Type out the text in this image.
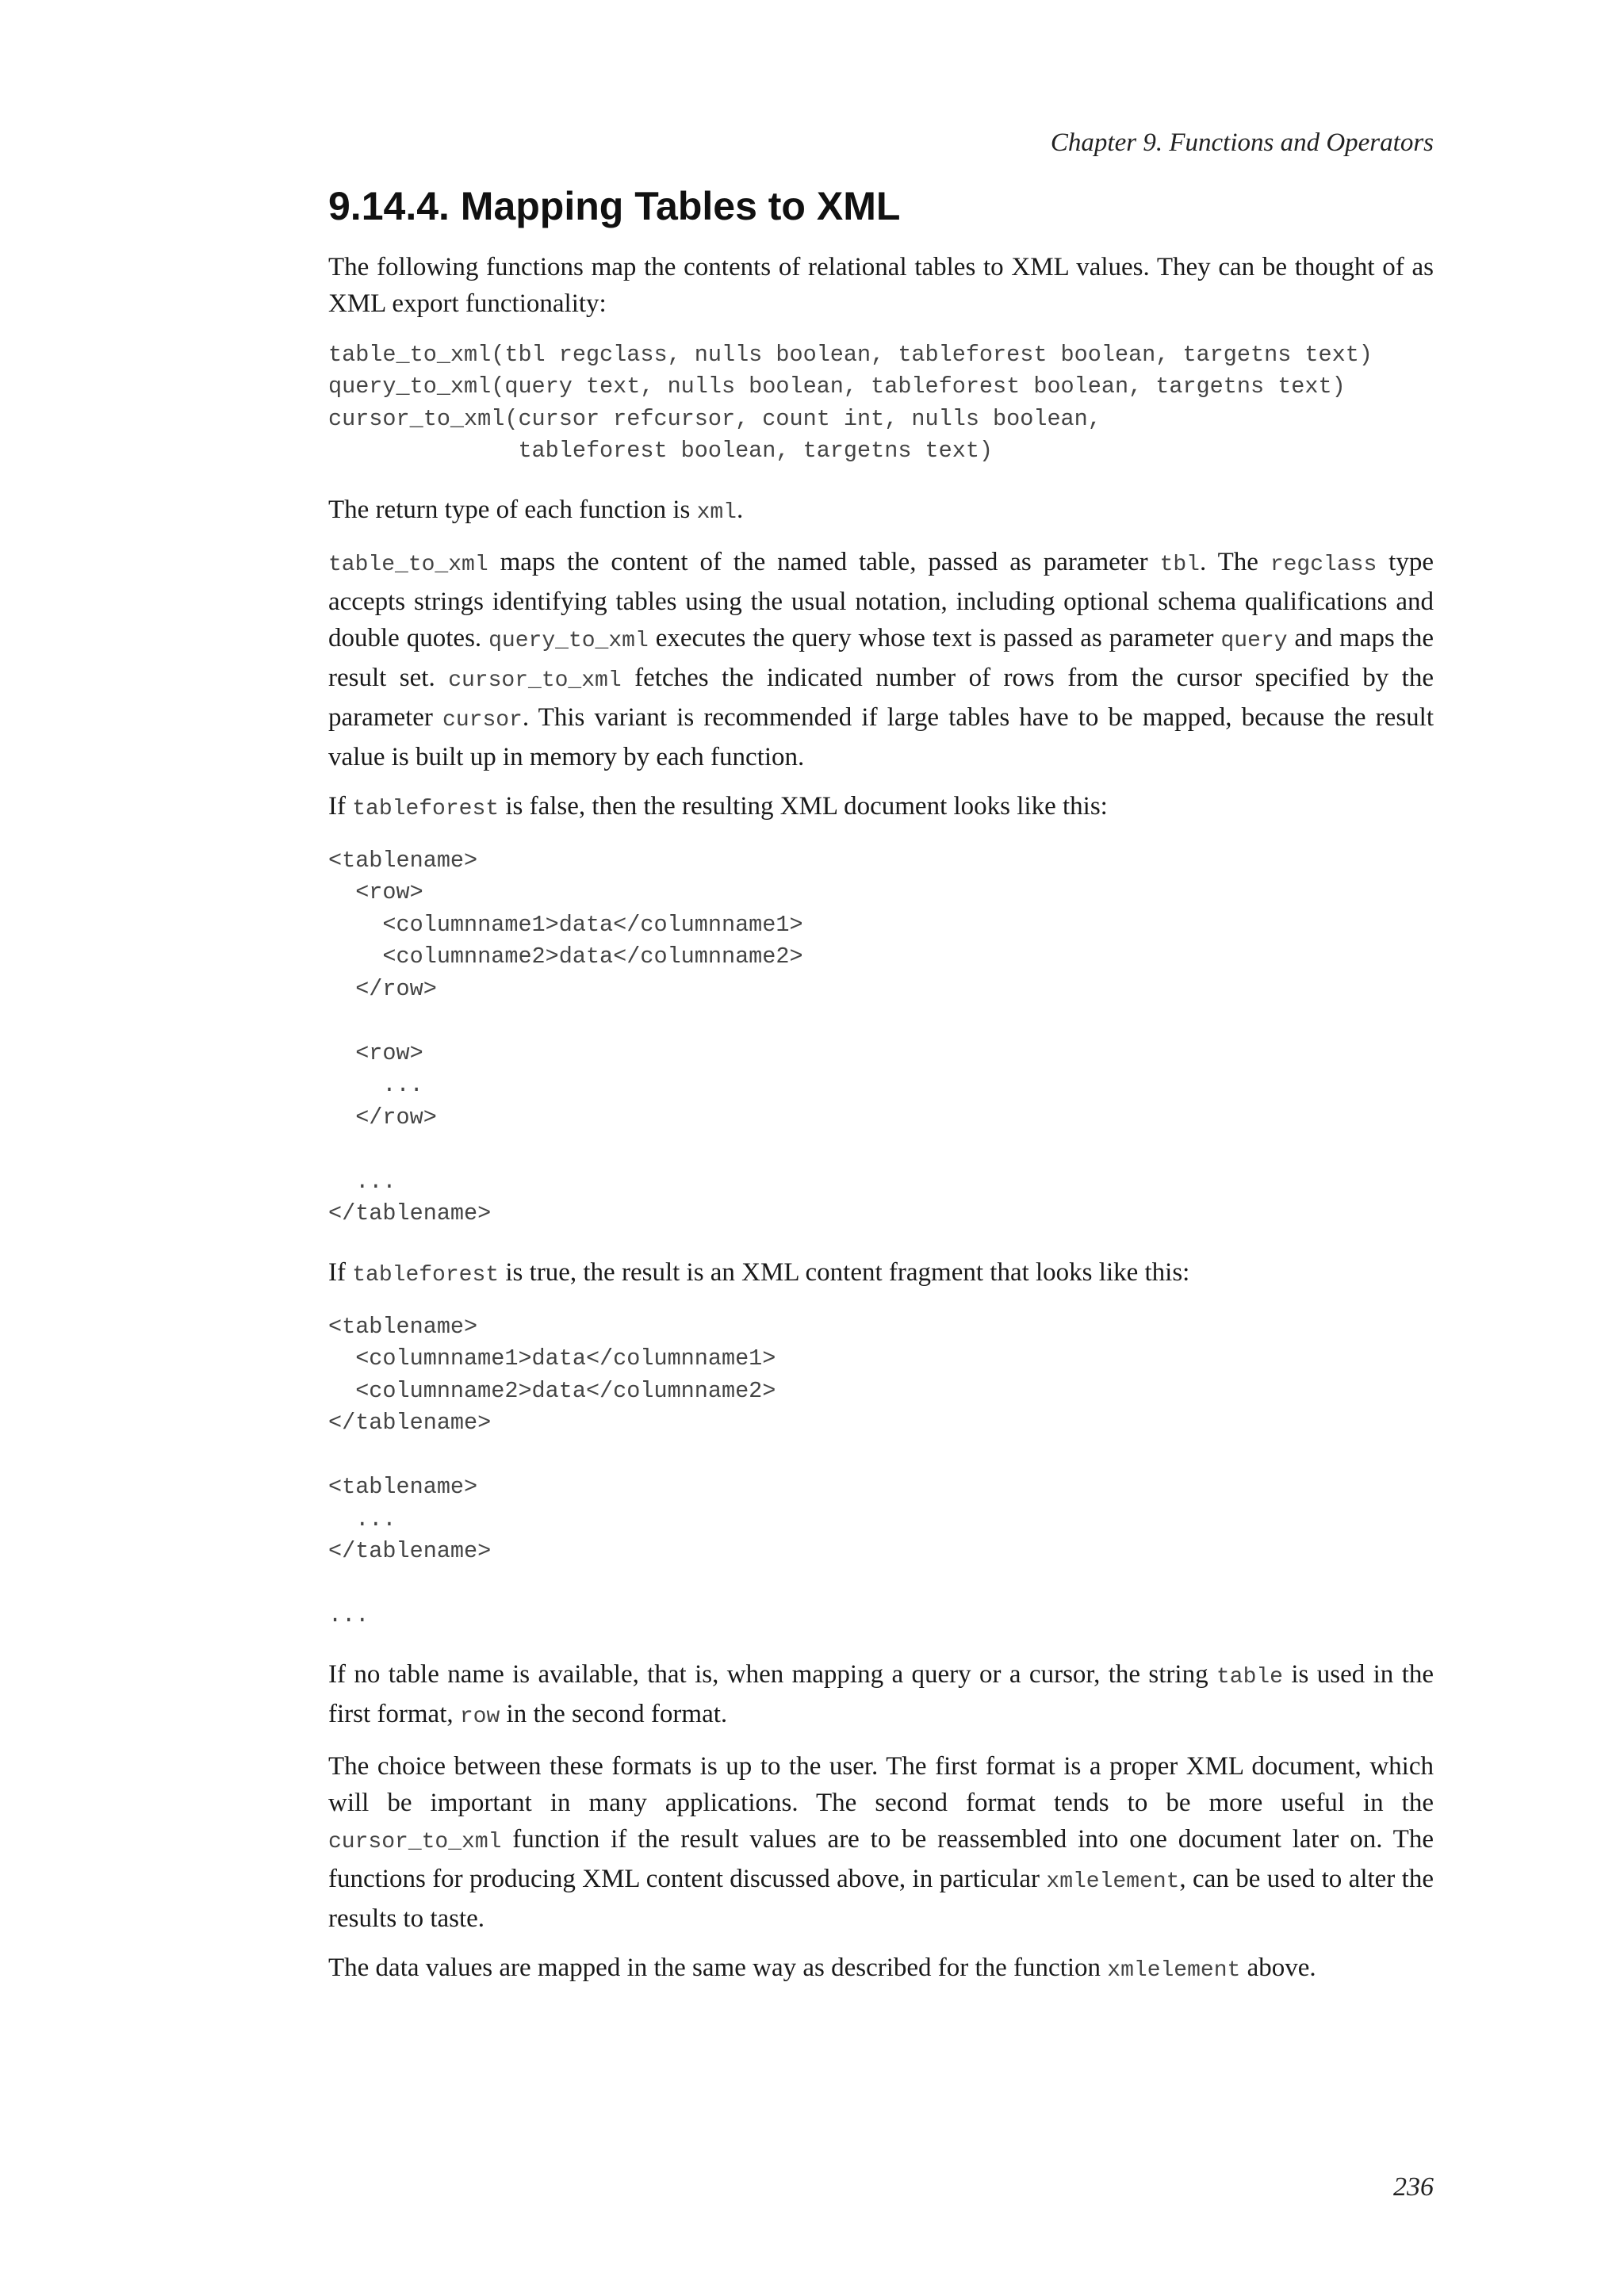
Chapter 9. Functions and Operators
9.14.4. Mapping Tables to XML

The following functions map the contents of relational tables to XML values. They can be thought of as XML export functionality:

table_to_xml(tbl regclass, nulls boolean, tableforest boolean, targetns text)
query_to_xml(query text, nulls boolean, tableforest boolean, targetns text)
cursor_to_xml(cursor refcursor, count int, nulls boolean,
tableforest boolean, targetns text)

The return type of each function is xml.

table_to_xml maps the content of the named table, passed as parameter tbl. The regclass type accepts strings identifying tables using the usual notation, including optional schema qualifications and double quotes. query_to_xml executes the query whose text is passed as parameter query and maps the result set. cursor_to_xml fetches the indicated number of rows from the cursor specified by the parameter cursor. This variant is recommended if large tables have to be mapped, because the result value is built up in memory by each function.

If tableforest is false, then the resulting XML document looks like this:

<tablename>
<row>
<columnname1>data</columnname1>
<columnname2>data</columnname2>
</row>

<row>
...
</row>

...
</tablename>

If tableforest is true, the result is an XML content fragment that looks like this:

<tablename>
<columnname1>data</columnname1>
<columnname2>data</columnname2>
</tablename>

<tablename>
...
</tablename>

...

If no table name is available, that is, when mapping a query or a cursor, the string table is used in the first format, row in the second format.

The choice between these formats is up to the user. The first format is a proper XML document, which will be important in many applications. The second format tends to be more useful in the cursor_to_xml function if the result values are to be reassembled into one document later on. The functions for producing XML content discussed above, in particular xmlelement, can be used to alter the results to taste.

The data values are mapped in the same way as described for the function xmlelement above.

236
